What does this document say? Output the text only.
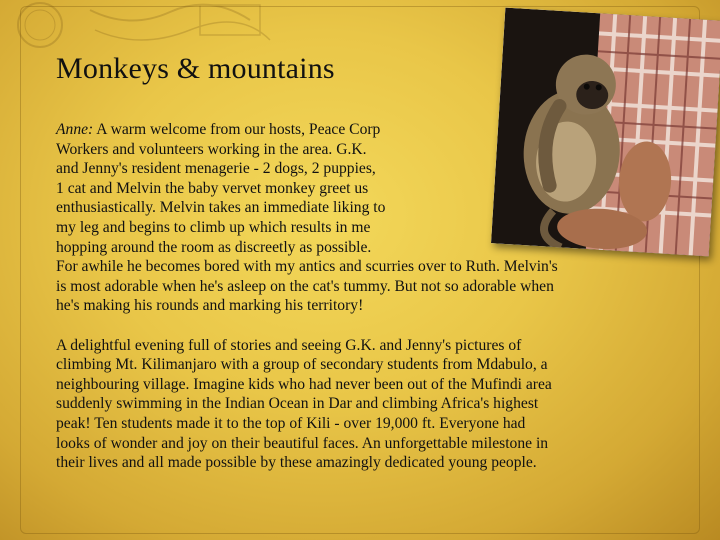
Monkeys & mountains
Anne: A warm welcome from our hosts, Peace Corp
Workers and volunteers working in the area. G.K.
and Jenny's resident menagerie - 2 dogs, 2 puppies,
1 cat and Melvin the baby vervet monkey greet us
enthusiastically. Melvin takes an immediate liking to
my leg and begins to climb up which results in me
hopping around the room as discreetly as possible.
For awhile he becomes bored with my antics and scurries over to Ruth. Melvin's
is most adorable when he's asleep on the cat's tummy. But not so adorable when
he's making his rounds and marking his territory!
A delightful evening full of stories and seeing G.K. and Jenny's pictures of
climbing Mt. Kilimanjaro with a group of secondary students from Mdabulo, a
neighbouring village. Imagine kids who had never been out of the Mufindi area
suddenly swimming in the Indian Ocean in Dar and climbing Africa's highest
peak! Ten students made it to the top of Kili - over 19,000 ft. Everyone had
looks of wonder and joy on their beautiful faces. An unforgettable milestone in
their lives and all made possible by these amazingly dedicated young people.
